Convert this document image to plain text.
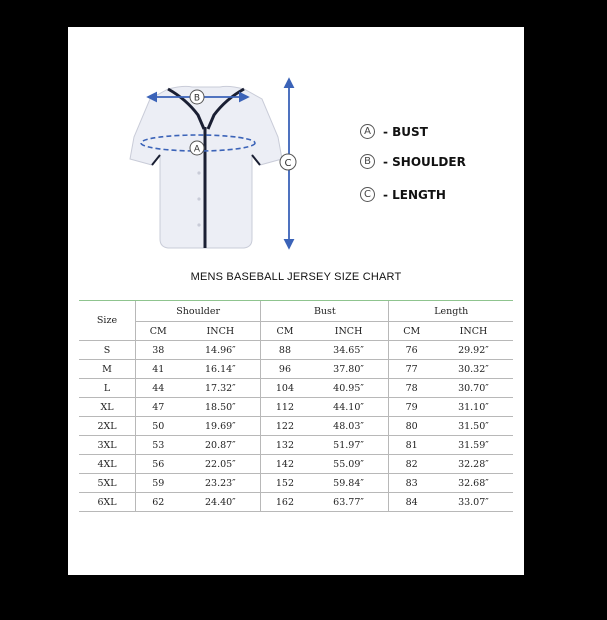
B
A
C
A	- BUST
B	- SHOULDER
C	- LENGTH
MENS BASEBALL JERSEY SIZE CHART
Size	Shoulder		Bust		Length	
	CM	INCH	CM	INCH	CM	INCH
S	38	14.96″	88	34.65″	76	29.92″
M	41	16.14″	96	37.80″	77	30.32″
L	44	17.32″	104	40.95″	78	30.70″
XL	47	18.50″	112	44.10″	79	31.10″
2XL	50	19.69″	122	48.03″	80	31.50″
3XL	53	20.87″	132	51.97″	81	31.59″
4XL	56	22.05″	142	55.09″	82	32.28″
5XL	59	23.23″	152	59.84″	83	32.68″
6XL	62	24.40″	162	63.77″	84	33.07″
